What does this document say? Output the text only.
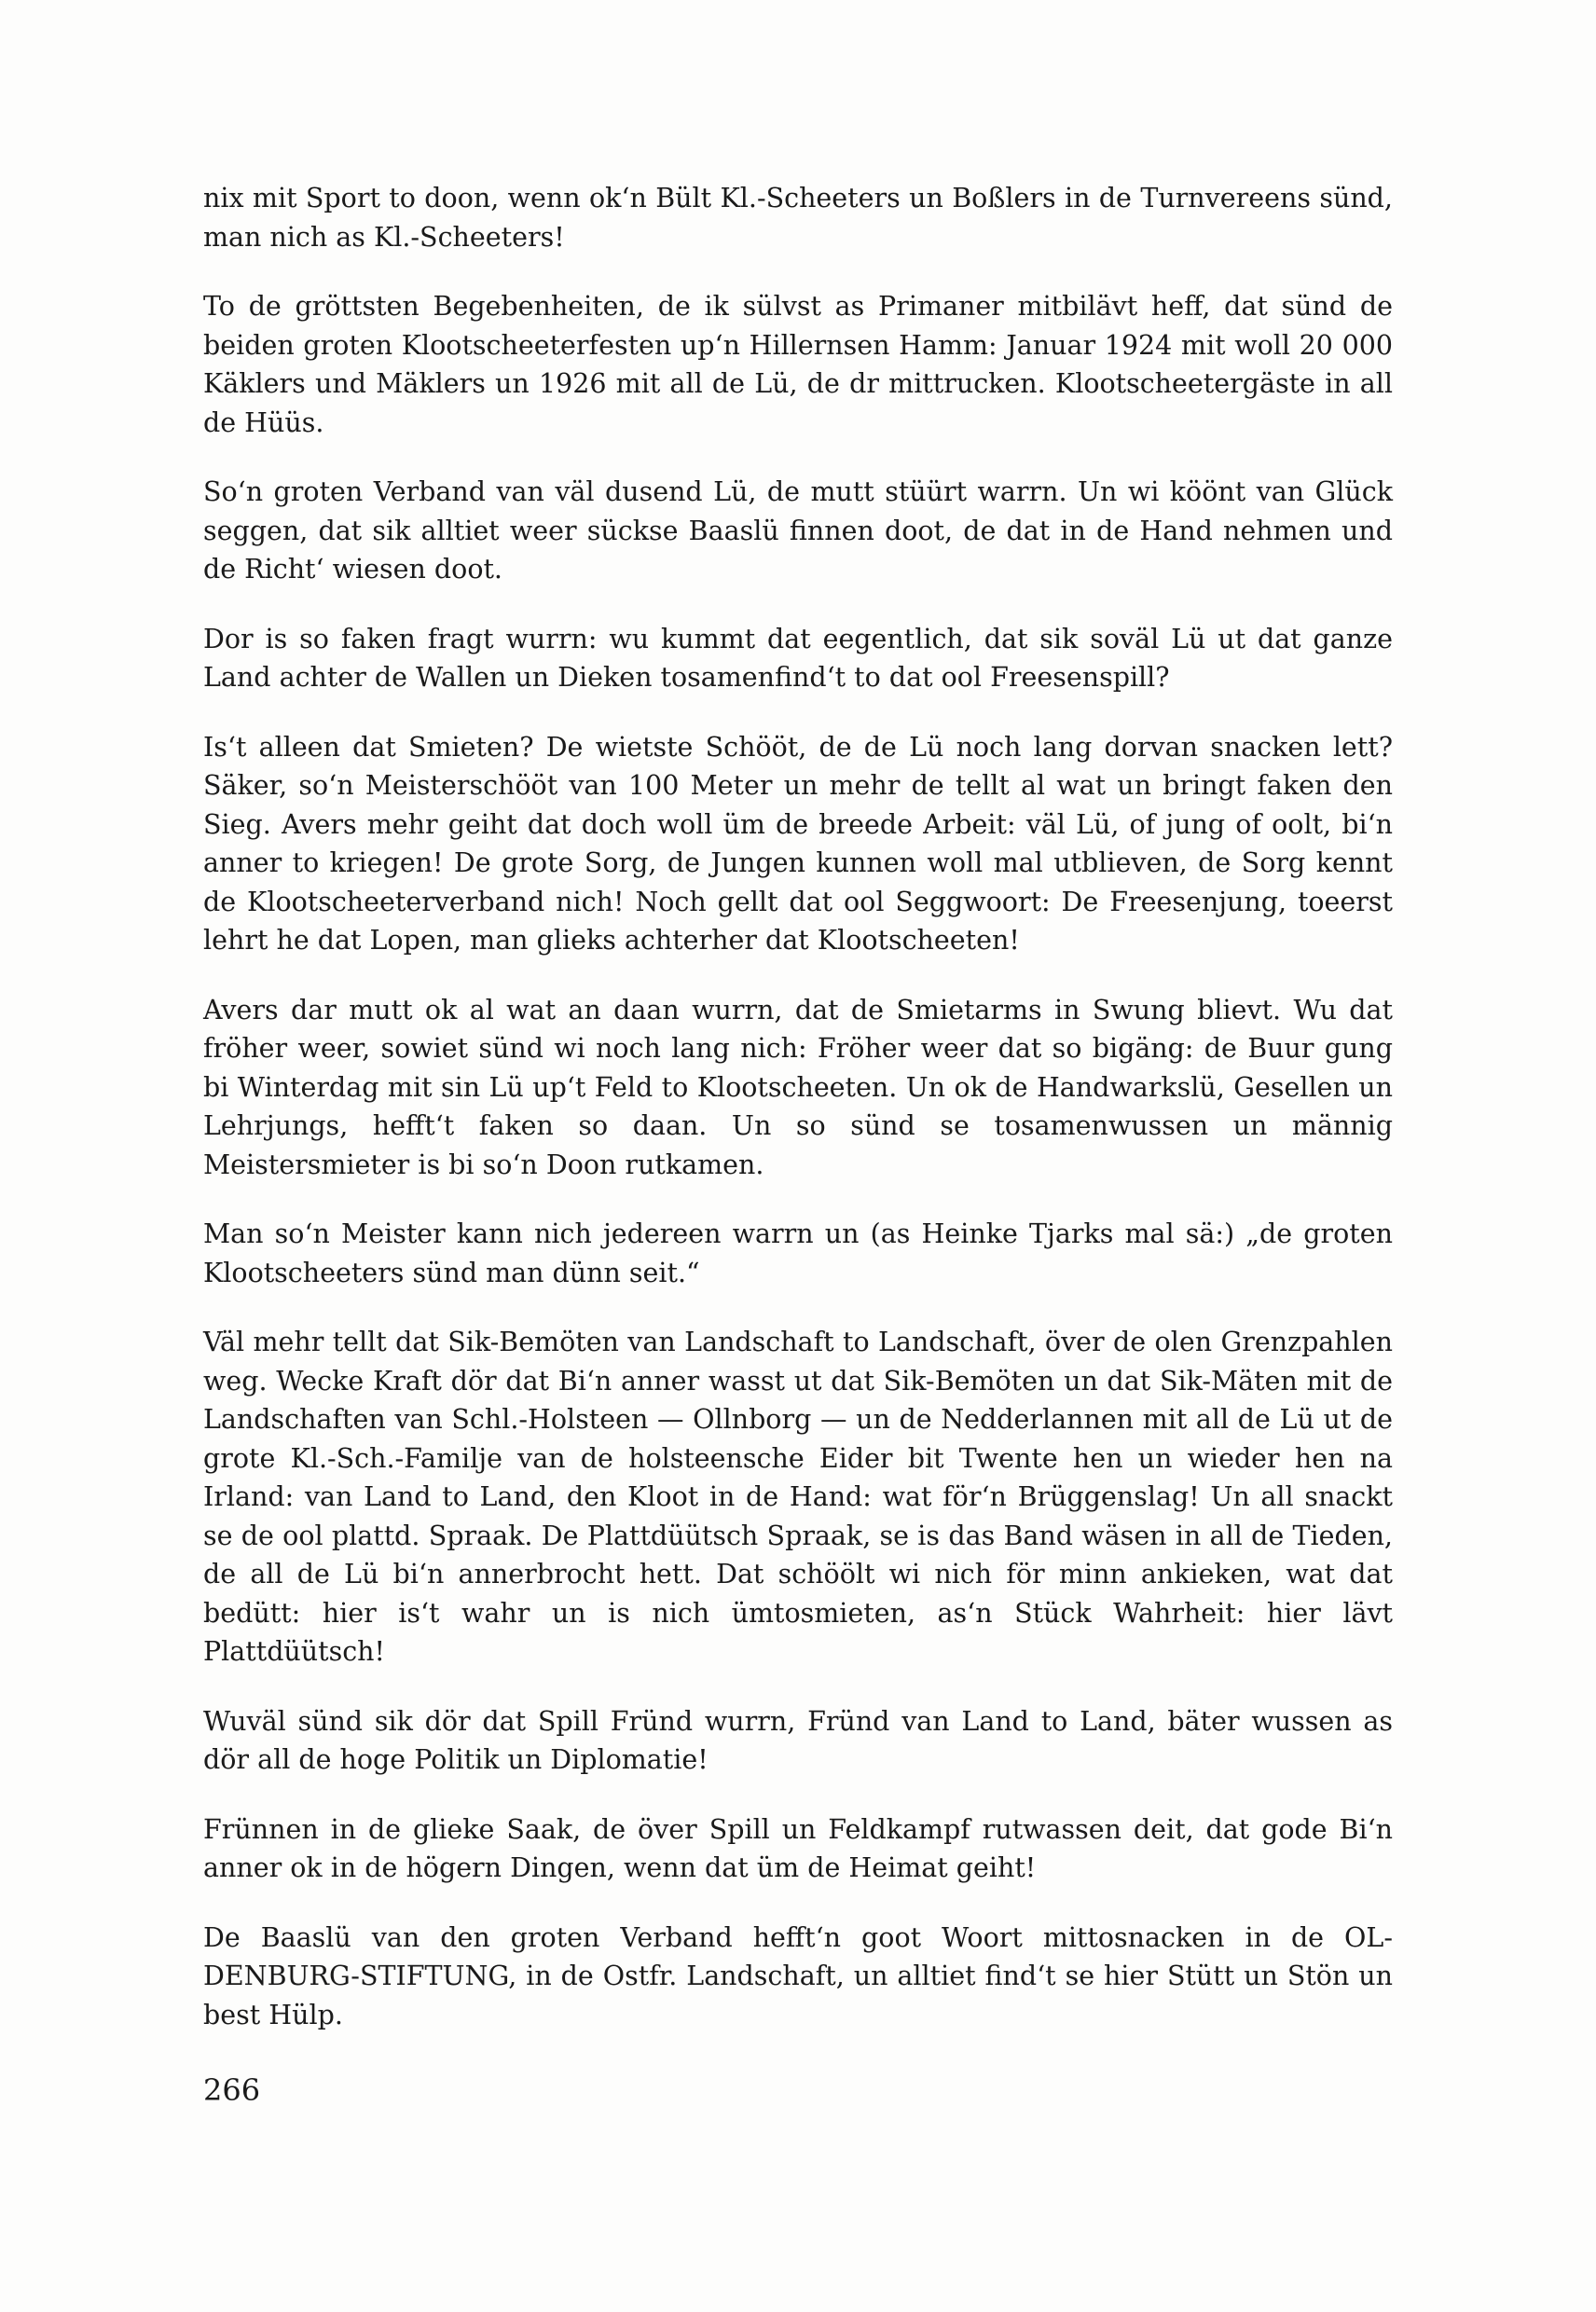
nix mit Sport to doon, wenn ok‘n Bült Kl.-Scheeters un Boßlers in de Turnvereens sünd, man nich as Kl.-Scheeters!

To de gröttsten Begebenheiten, de ik sülvst as Primaner mitbilävt heff, dat sünd de beiden groten Klootscheeterfesten up‘n Hillernsen Hamm: Januar 1924 mit woll 20 000 Käklers und Mäklers un 1926 mit all de Lü, de dr mittrucken. Klootscheetergäste in all de Hüüs.

So‘n groten Verband van väl dusend Lü, de mutt stüürt warrn. Un wi köönt van Glück seggen, dat sik alltiet weer sückse Baaslü finnen doot, de dat in de Hand nehmen und de Richt‘ wiesen doot.

Dor is so faken fragt wurrn: wu kummt dat eegentlich, dat sik soväl Lü ut dat ganze Land achter de Wallen un Dieken tosamenfind‘t to dat ool Freesenspill?

Is‘t alleen dat Smieten? De wietste Schööt, de de Lü noch lang dorvan snacken lett? Säker, so‘n Meisterschööt van 100 Meter un mehr de tellt al wat un bringt faken den Sieg. Avers mehr geiht dat doch woll üm de breede Arbeit: väl Lü, of jung of oolt, bi‘n anner to kriegen! De grote Sorg, de Jungen kunnen woll mal utblieven, de Sorg kennt de Klootscheeterverband nich! Noch gellt dat ool Seggwoort: De Freesenjung, toeerst lehrt he dat Lopen, man glieks achterher dat Klootscheeten!

Avers dar mutt ok al wat an daan wurrn, dat de Smietarms in Swung blievt. Wu dat fröher weer, sowiet sünd wi noch lang nich: Fröher weer dat so bigäng: de Buur gung bi Winterdag mit sin Lü up‘t Feld to Klootscheeten. Un ok de Handwarkslü, Gesellen un Lehrjungs, hefft‘t faken so daan. Un so sünd se tosamenwussen un männig Meistersmieter is bi so‘n Doon rutkamen.

Man so‘n Meister kann nich jedereen warrn un (as Heinke Tjarks mal sä:) „de groten Klootscheeters sünd man dünn seit.“

Väl mehr tellt dat Sik-Bemöten van Landschaft to Landschaft, över de olen Grenzpahlen weg. Wecke Kraft dör dat Bi‘n anner wasst ut dat Sik-Bemöten un dat Sik-Mäten mit de Landschaften van Schl.-Holsteen — Ollnborg — un de Nedderlannen mit all de Lü ut de grote Kl.-Sch.-Familje van de holsteensche Eider bit Twente hen un wieder hen na Irland: van Land to Land, den Kloot in de Hand: wat för‘n Brüggenslag! Un all snackt se de ool plattd. Spraak. De Plattdüütsch Spraak, se is das Band wäsen in all de Tieden, de all de Lü bi‘n annerbrocht hett. Dat schöölt wi nich för minn ankieken, wat dat bedütt: hier is‘t wahr un is nich ümtosmieten, as‘n Stück Wahrheit: hier lävt Plattdüütsch!

Wuväl sünd sik dör dat Spill Fründ wurrn, Fründ van Land to Land, bäter wussen as dör all de hoge Politik un Diplomatie!

Frünnen in de glieke Saak, de över Spill un Feldkampf rutwassen deit, dat gode Bi‘n anner ok in de högern Dingen, wenn dat üm de Heimat geiht!

De Baaslü van den groten Verband hefft‘n goot Woort mittosnacken in de OLDENBURG-STIFTUNG, in de Ostfr. Landschaft, un alltiet find‘t se hier Stütt un Stön un best Hülp.

266
